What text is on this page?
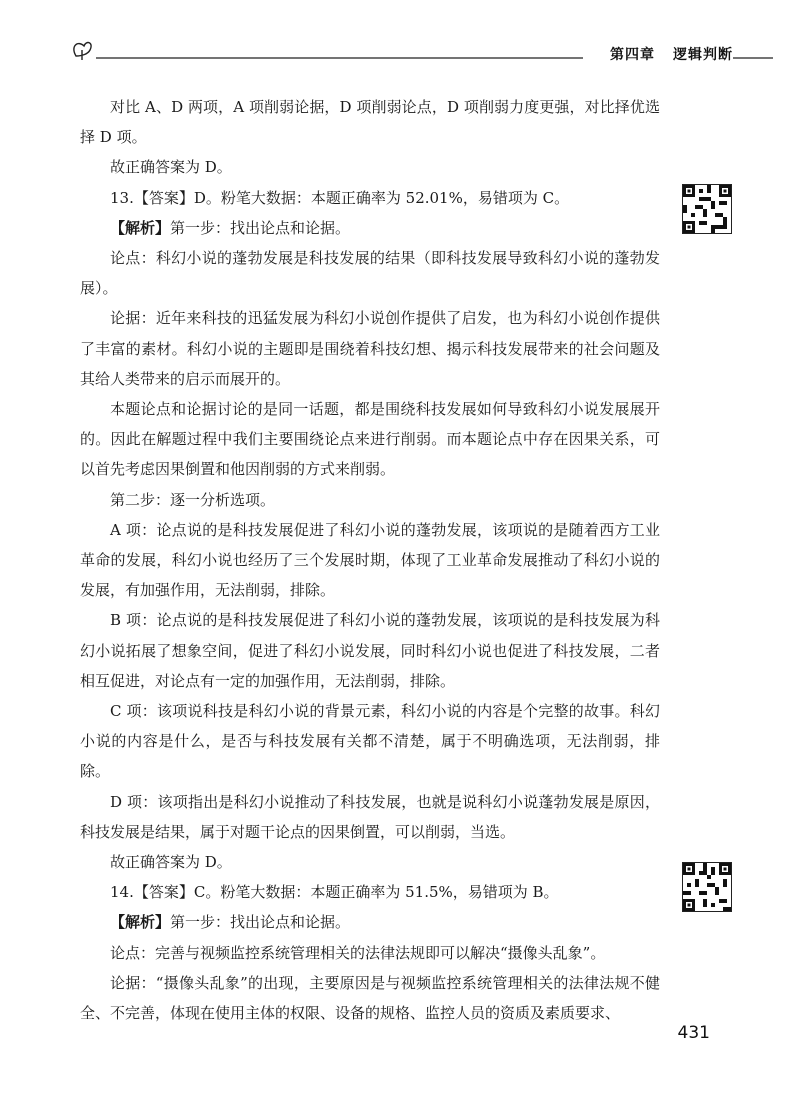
第四章 逻辑判断

对比 A、D 两项，A 项削弱论据，D 项削弱论点，D 项削弱力度更强，对比择优选择 D 项。

故正确答案为 D。

13.【答案】D。粉笔大数据：本题正确率为 52.01%，易错项为 C。

【解析】第一步：找出论点和论据。

论点：科幻小说的蓬勃发展是科技发展的结果（即科技发展导致科幻小说的蓬勃发展）。

论据：近年来科技的迅猛发展为科幻小说创作提供了启发，也为科幻小说创作提供了丰富的素材。科幻小说的主题即是围绕着科技幻想、揭示科技发展带来的社会问题及其给人类带来的启示而展开的。

本题论点和论据讨论的是同一话题，都是围绕科技发展如何导致科幻小说发展展开的。因此在解题过程中我们主要围绕论点来进行削弱。而本题论点中存在因果关系，可以首先考虑因果倒置和他因削弱的方式来削弱。

第二步：逐一分析选项。

A 项：论点说的是科技发展促进了科幻小说的蓬勃发展，该项说的是随着西方工业革命的发展，科幻小说也经历了三个发展时期，体现了工业革命发展推动了科幻小说的发展，有加强作用，无法削弱，排除。

B 项：论点说的是科技发展促进了科幻小说的蓬勃发展，该项说的是科技发展为科幻小说拓展了想象空间，促进了科幻小说发展，同时科幻小说也促进了科技发展，二者相互促进，对论点有一定的加强作用，无法削弱，排除。

C 项：该项说科技是科幻小说的背景元素，科幻小说的内容是个完整的故事。科幻小说的内容是什么，是否与科技发展有关都不清楚，属于不明确选项，无法削弱，排除。

D 项：该项指出是科幻小说推动了科技发展，也就是说科幻小说蓬勃发展是原因，科技发展是结果，属于对题干论点的因果倒置，可以削弱，当选。

故正确答案为 D。

14.【答案】C。粉笔大数据：本题正确率为 51.5%，易错项为 B。

【解析】第一步：找出论点和论据。

论点：完善与视频监控系统管理相关的法律法规即可以解决“摄像头乱象”。

论据：“摄像头乱象”的出现，主要原因是与视频监控系统管理相关的法律法规不健全、不完善，体现在使用主体的权限、设备的规格、监控人员的资质及素质要求、

431
